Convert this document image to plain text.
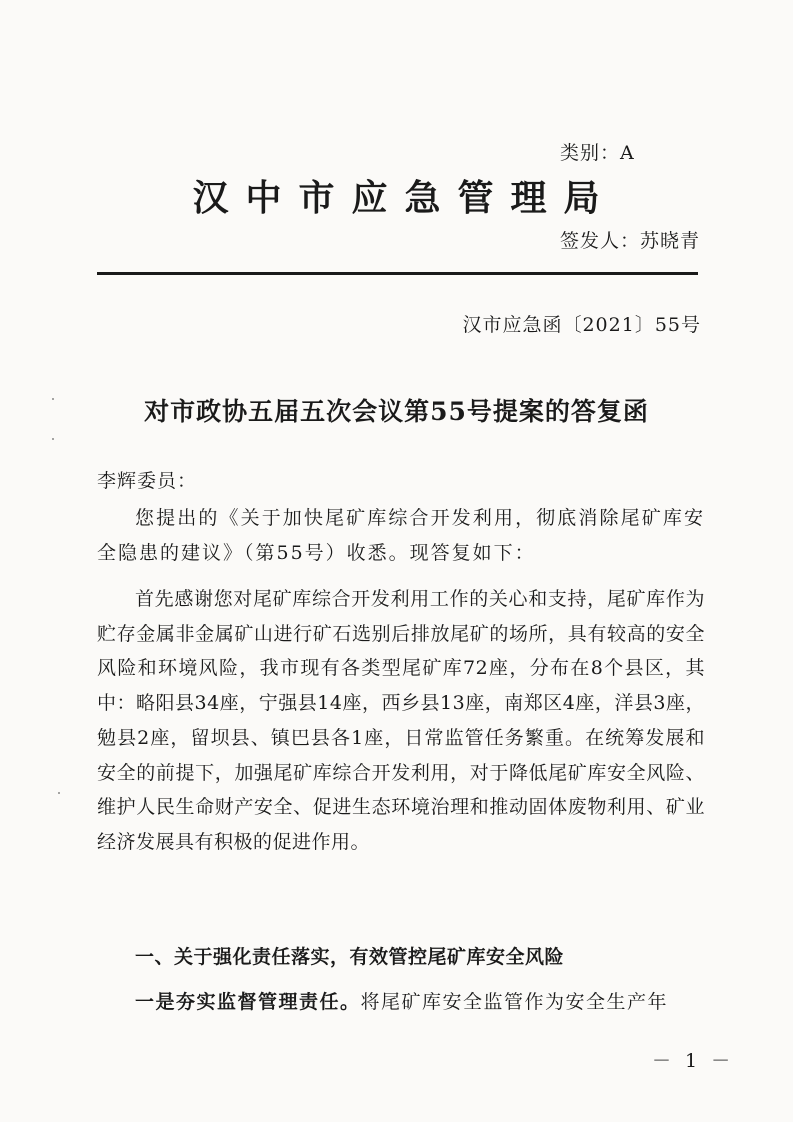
类别：A
汉中市应急管理局
签发人：苏晓青
汉市应急函〔2021〕55号
对市政协五届五次会议第55号提案的答复函
李辉委员：

您提出的《关于加快尾矿库综合开发利用，彻底消除尾矿库安全隐患的建议》（第55号）收悉。现答复如下：

首先感谢您对尾矿库综合开发利用工作的关心和支持，尾矿库作为贮存金属非金属矿山进行矿石选别后排放尾矿的场所，具有较高的安全风险和环境风险，我市现有各类型尾矿库72座，分布在8个县区，其中：略阳县34座，宁强县14座，西乡县13座，南郑区4座，洋县3座，勉县2座，留坝县、镇巴县各1座，日常监管任务繁重。在统筹发展和安全的前提下，加强尾矿库综合开发利用，对于降低尾矿库安全风险、维护人民生命财产安全、促进生态环境治理和推动固体废物利用、矿业经济发展具有积极的促进作用。

一、关于强化责任落实，有效管控尾矿库安全风险

一是夯实监督管理责任。将尾矿库安全监管作为安全生产年

－ 1 －
